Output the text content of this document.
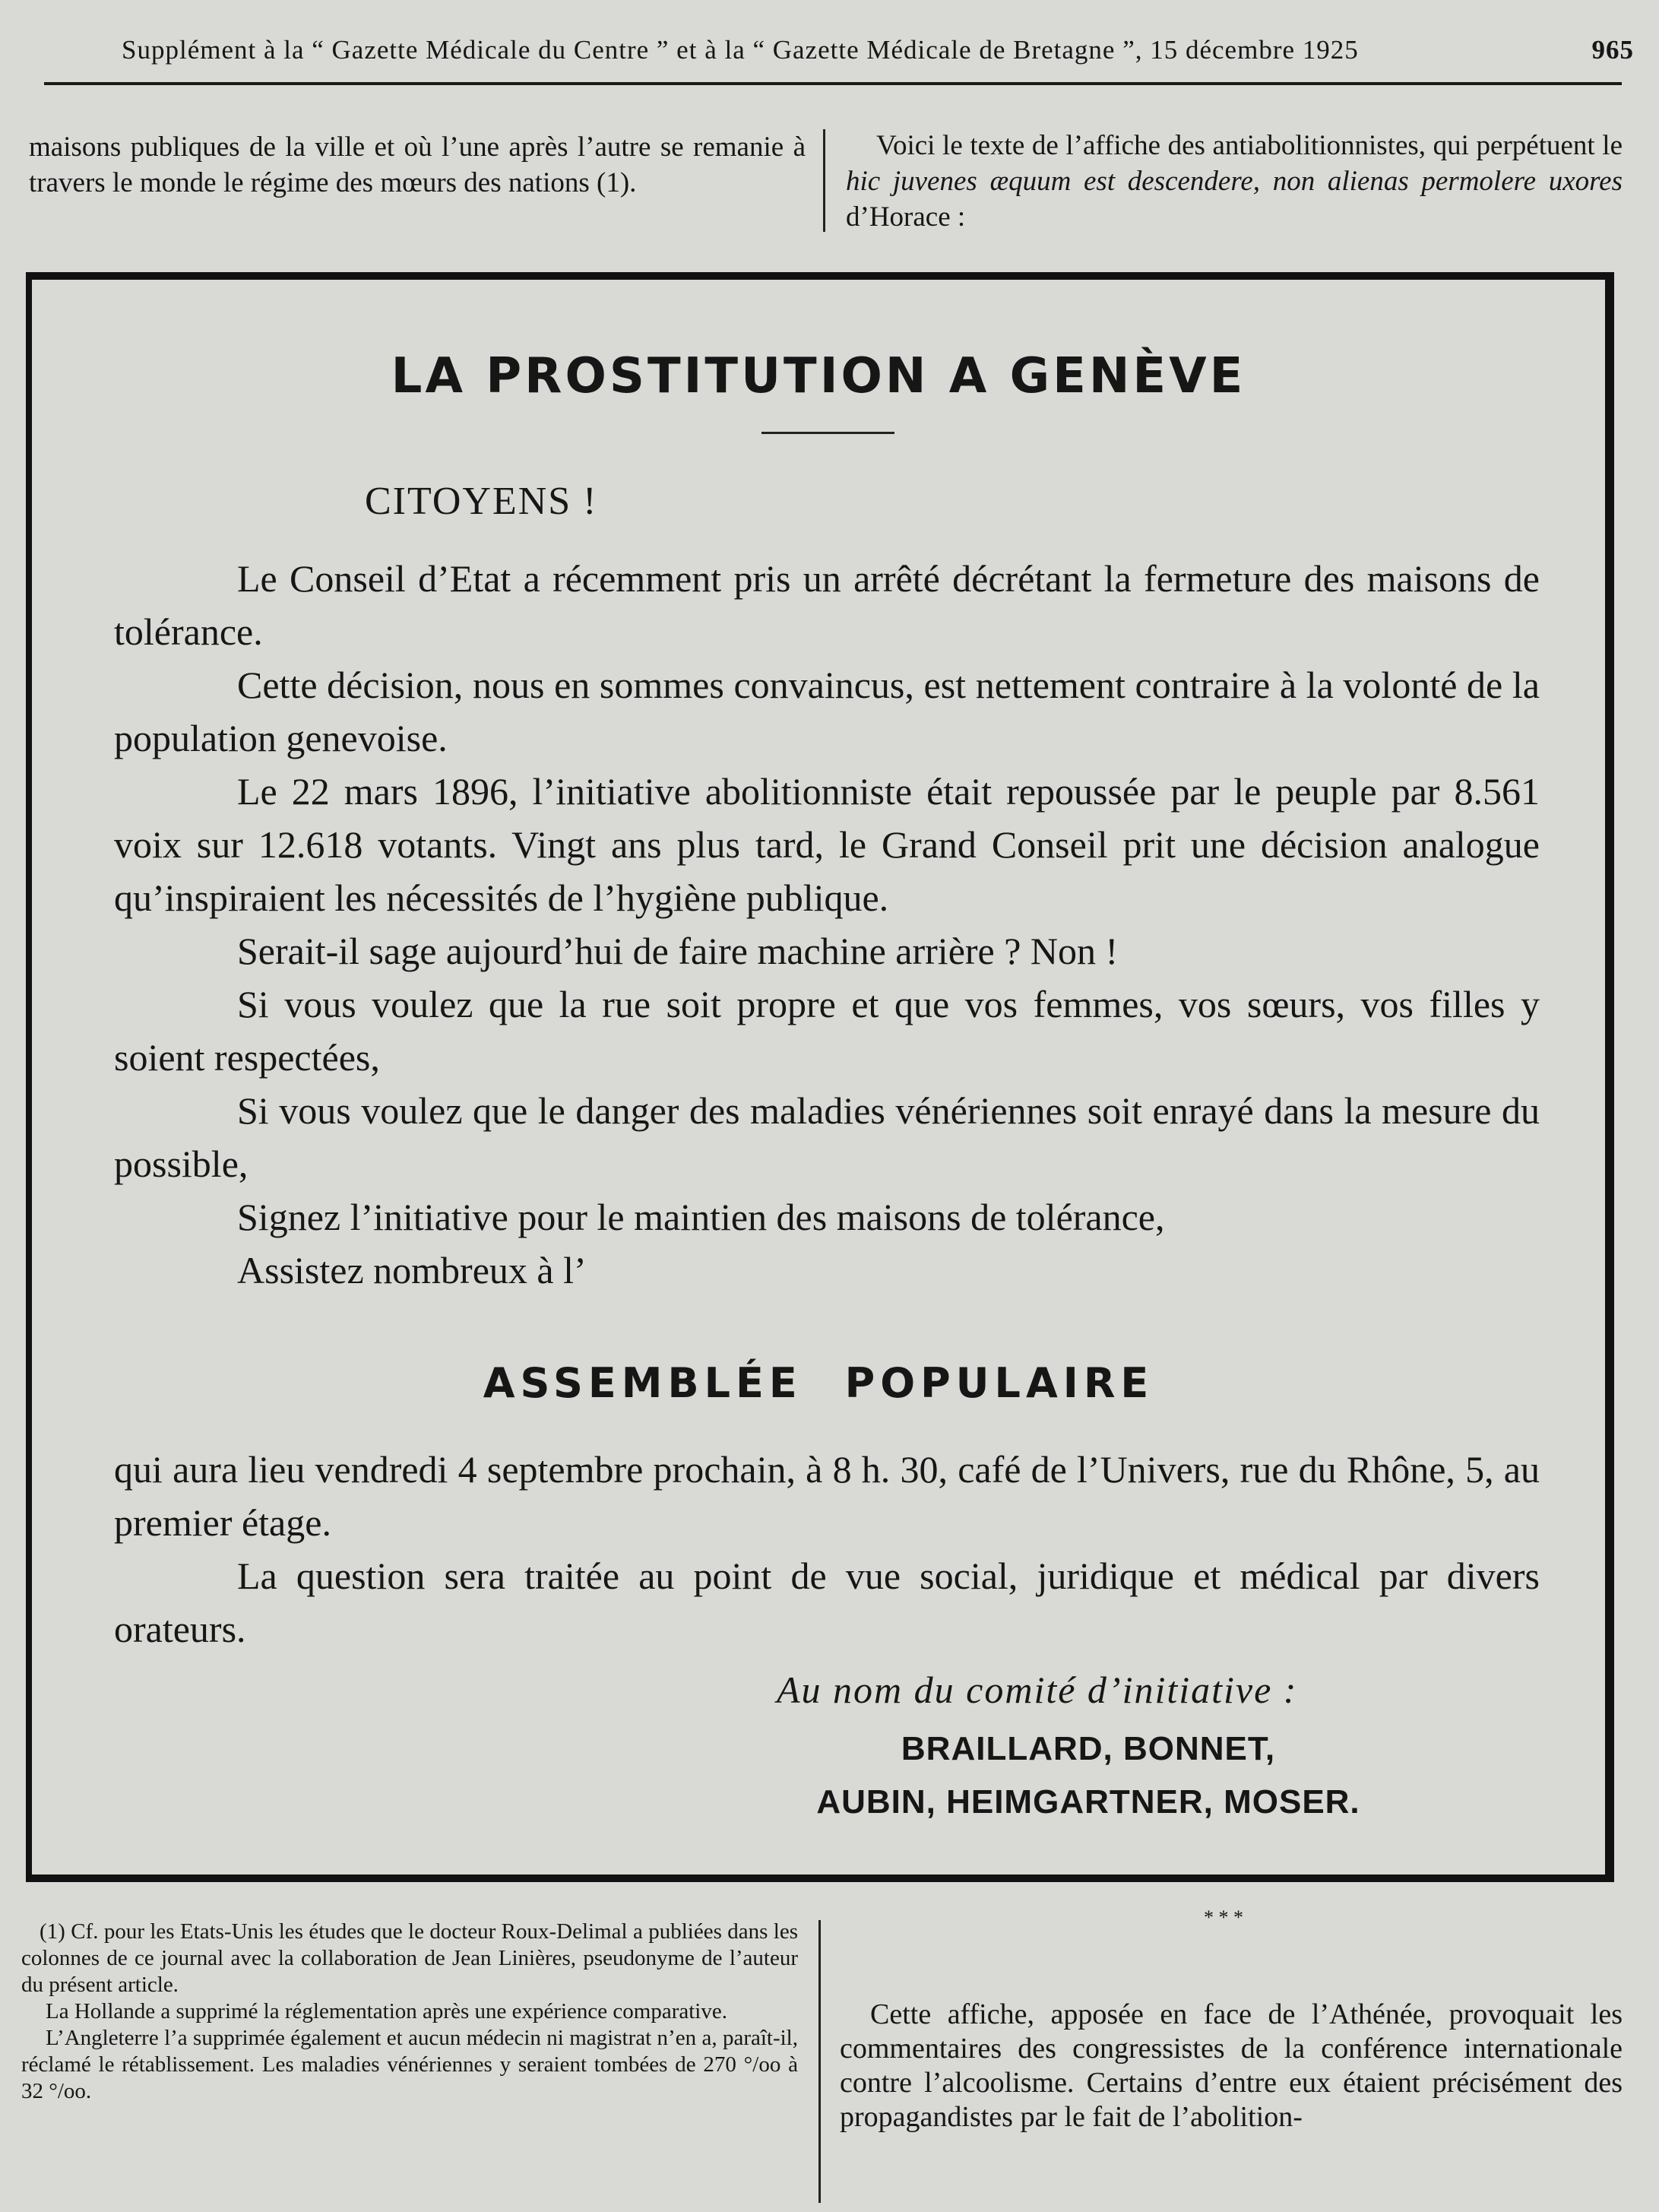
Supplément à la “ Gazette Médicale du Centre ” et à la “ Gazette Médicale de Bretagne ”, 15 décembre 1925	965

maisons publiques de la ville et où l’une après l’autre se remanie à travers le monde le régime des mœurs des nations (1).

Voici le texte de l’affiche des antiabolitionnistes, qui perpétuent le hic juvenes æquum est descendere, non alienas permolere uxores d’Horace :

LA PROSTITUTION A GENÈVE
CITOYENS !

Le Conseil d’Etat a récemment pris un arrêté décrétant la fermeture des maisons de tolérance.

Cette décision, nous en sommes convaincus, est nettement contraire à la volonté de la population genevoise.

Le 22 mars 1896, l’initiative abolitionniste était repoussée par le peuple par 8.561 voix sur 12.618 votants. Vingt ans plus tard, le Grand Conseil prit une décision analogue qu’inspiraient les nécessités de l’hygiène publique.

Serait-il sage aujourd’hui de faire machine arrière ? Non !

Si vous voulez que la rue soit propre et que vos femmes, vos sœurs, vos filles y soient respectées,

Si vous voulez que le danger des maladies vénériennes soit enrayé dans la mesure du possible,

Signez l’initiative pour le maintien des maisons de tolérance,

Assistez nombreux à l’

ASSEMBLÉE POPULAIRE

qui aura lieu vendredi 4 septembre prochain, à 8 h. 30, café de l’Univers, rue du Rhône, 5, au premier étage.

La question sera traitée au point de vue social, juridique et médical par divers orateurs.

Au nom du comité d’initiative :
BRAILLARD, BONNET,
AUBIN, HEIMGARTNER, MOSER.

(1) Cf. pour les Etats-Unis les études que le docteur Roux-Delimal a publiées dans les colonnes de ce journal avec la collaboration de Jean Linières, pseudonyme de l’auteur du présent article.

La Hollande a supprimé la réglementation après une expérience comparative.

L’Angleterre l’a supprimée également et aucun médecin ni magistrat n’en a, paraît-il, réclamé le rétablissement. Les maladies vénériennes y seraient tombées de 270 °/oo à 32 °/oo.

* * *

Cette affiche, apposée en face de l’Athénée, provoquait les commentaires des congressistes de la conférence internationale contre l’alcoolisme. Certains d’entre eux étaient précisément des propagandistes par le fait de l’abolition-
